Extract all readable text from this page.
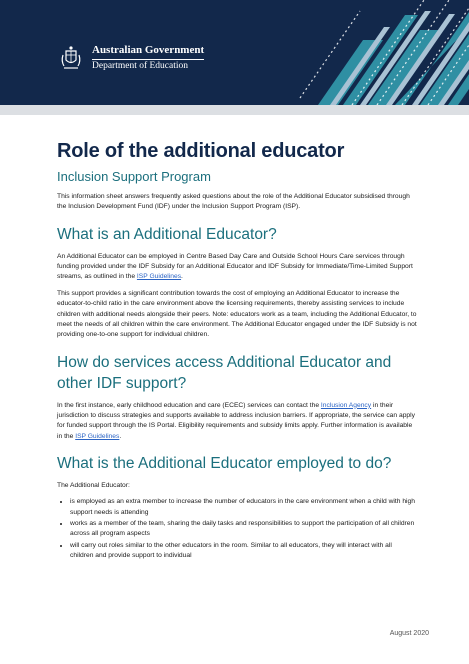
Australian Government
Department of Education
Role of the additional educator
Inclusion Support Program

This information sheet answers frequently asked questions about the role of the Additional Educator subsidised through the Inclusion Development Fund (IDF) under the Inclusion Support Program (ISP).

What is an Additional Educator?

An Additional Educator can be employed in Centre Based Day Care and Outside School Hours Care services through funding provided under the IDF Subsidy for an Additional Educator and IDF Subsidy for Immediate/Time-Limited Support streams, as outlined in the ISP Guidelines.

This support provides a significant contribution towards the cost of employing an Additional Educator to increase the educator-to-child ratio in the care environment above the licensing requirements, thereby assisting services to include children with additional needs alongside their peers. Note: educators work as a team, including the Additional Educator, to meet the needs of all children within the care environment. The Additional Educator engaged under the IDF Subsidy is not providing one-to-one support for individual children.

How do services access Additional Educator and other IDF support?

In the first instance, early childhood education and care (ECEC) services can contact the Inclusion Agency in their jurisdiction to discuss strategies and supports available to address inclusion barriers. If appropriate, the service can apply for funded support through the IS Portal. Eligibility requirements and subsidy limits apply. Further information is available in the ISP Guidelines.

What is the Additional Educator employed to do?

The Additional Educator:

• is employed as an extra member to increase the number of educators in the care environment when a child with high support needs is attending
• works as a member of the team, sharing the daily tasks and responsibilities to support the participation of all children across all program aspects
• will carry out roles similar to the other educators in the room. Similar to all educators, they will interact with all children and provide support to individual
August 2020
